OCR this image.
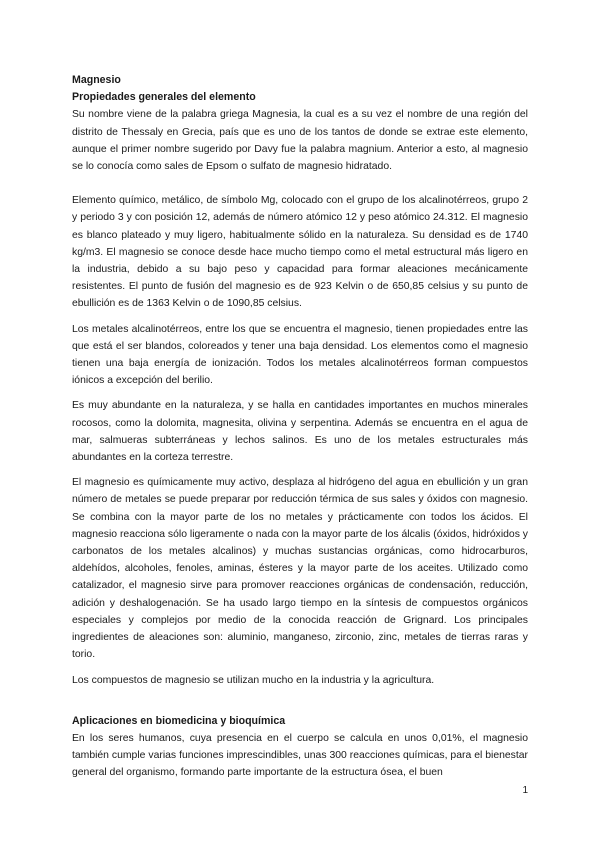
Magnesio

Propiedades generales del elemento

Su nombre viene de la palabra griega Magnesia, la cual es a su vez el nombre de una región del distrito de Thessaly en Grecia, país que es uno de los tantos de donde se extrae este elemento, aunque el primer nombre sugerido por Davy fue la palabra magnium. Anterior a esto, al magnesio se lo conocía como sales de Epsom o sulfato de magnesio hidratado.

Elemento químico, metálico, de símbolo Mg, colocado con el grupo de los alcalinotérreos, grupo 2 y periodo 3 y con posición 12, además de número atómico 12 y peso atómico 24.312. El magnesio es blanco plateado y muy ligero, habitualmente sólido en la naturaleza. Su densidad es de 1740 kg/m3. El magnesio se conoce desde hace mucho tiempo como el metal estructural más ligero en la industria, debido a su bajo peso y capacidad para formar aleaciones mecánicamente resistentes. El punto de fusión del magnesio es de 923 Kelvin o de 650,85 celsius y su punto de ebullición es de 1363 Kelvin o de 1090,85 celsius.

Los metales alcalinotérreos, entre los que se encuentra el magnesio, tienen propiedades entre las que está el ser blandos, coloreados y tener una baja densidad. Los elementos como el magnesio tienen una baja energía de ionización. Todos los metales alcalinotérreos forman compuestos iónicos a excepción del berilio.

Es muy abundante en la naturaleza, y se halla en cantidades importantes en muchos minerales rocosos, como la dolomita, magnesita, olivina y serpentina. Además se encuentra en el agua de mar, salmueras subterráneas y lechos salinos. Es uno de los metales estructurales más abundantes en la corteza terrestre.

El magnesio es químicamente muy activo, desplaza al hidrógeno del agua en ebullición y un gran número de metales se puede preparar por reducción térmica de sus sales y óxidos con magnesio. Se combina con la mayor parte de los no metales y prácticamente con todos los ácidos. El magnesio reacciona sólo ligeramente o nada con la mayor parte de los álcalis (óxidos, hidróxidos y carbonatos de los metales alcalinos) y muchas sustancias orgánicas, como hidrocarburos, aldehídos, alcoholes, fenoles, aminas, ésteres y la mayor parte de los aceites. Utilizado como catalizador, el magnesio sirve para promover reacciones orgánicas de condensación, reducción, adición y deshalogenación. Se ha usado largo tiempo en la síntesis de compuestos orgánicos especiales y complejos por medio de la conocida reacción de Grignard. Los principales ingredientes de aleaciones son: aluminio, manganeso, zirconio, zinc, metales de tierras raras y torio.

Los compuestos de magnesio se utilizan mucho en la industria y la agricultura.

Aplicaciones en biomedicina y bioquímica

En los seres humanos, cuya presencia en el cuerpo se calcula en unos 0,01%, el magnesio también cumple varias funciones imprescindibles, unas 300 reacciones químicas, para el bienestar general del organismo, formando parte importante de la estructura ósea, el buen

1
